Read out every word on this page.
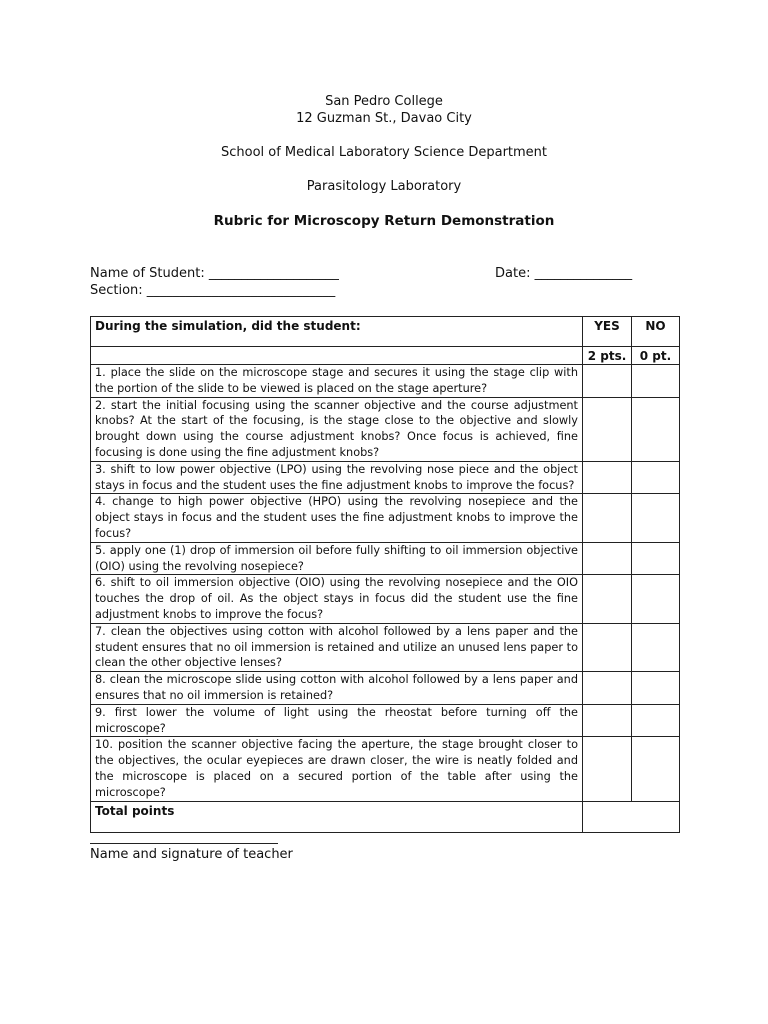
San Pedro College
12 Guzman St., Davao City
School of Medical Laboratory Science Department
Parasitology Laboratory
Rubric for Microscopy Return Demonstration
Name of Student: ____________________	Date: _______________
Section: _____________________________
During the simulation, did the student:	YES	NO
	2 pts.	0 pt.
1. place the slide on the microscope stage and secures it using the stage clip with the portion of the slide to be viewed is placed on the stage aperture?		
2. start the initial focusing using the scanner objective and the course adjustment knobs? At the start of the focusing, is the stage close to the objective and slowly brought down using the course adjustment knobs? Once focus is achieved, fine focusing is done using the fine adjustment knobs?		
3. shift to low power objective (LPO) using the revolving nose piece and the object stays in focus and the student uses the fine adjustment knobs to improve the focus?		
4. change to high power objective (HPO) using the revolving nosepiece and the object stays in focus and the student uses the fine adjustment knobs to improve the focus?		
5. apply one (1) drop of immersion oil before fully shifting to oil immersion objective (OIO) using the revolving nosepiece?		
6. shift to oil immersion objective (OIO) using the revolving nosepiece and the OIO touches the drop of oil. As the object stays in focus did the student use the fine adjustment knobs to improve the focus?		
7. clean the objectives using cotton with alcohol followed by a lens paper and the student ensures that no oil immersion is retained and utilize an unused lens paper to clean the other objective lenses?		
8. clean the microscope slide using cotton with alcohol followed by a lens paper and ensures that no oil immersion is retained?		
9. first lower the volume of light using the rheostat before turning off the microscope?		
10. position the scanner objective facing the aperture, the stage brought closer to the objectives, the ocular eyepieces are drawn closer, the wire is neatly folded and the microscope is placed on a secured portion of the table after using the microscope?		
Total points		
Name and signature of teacher
